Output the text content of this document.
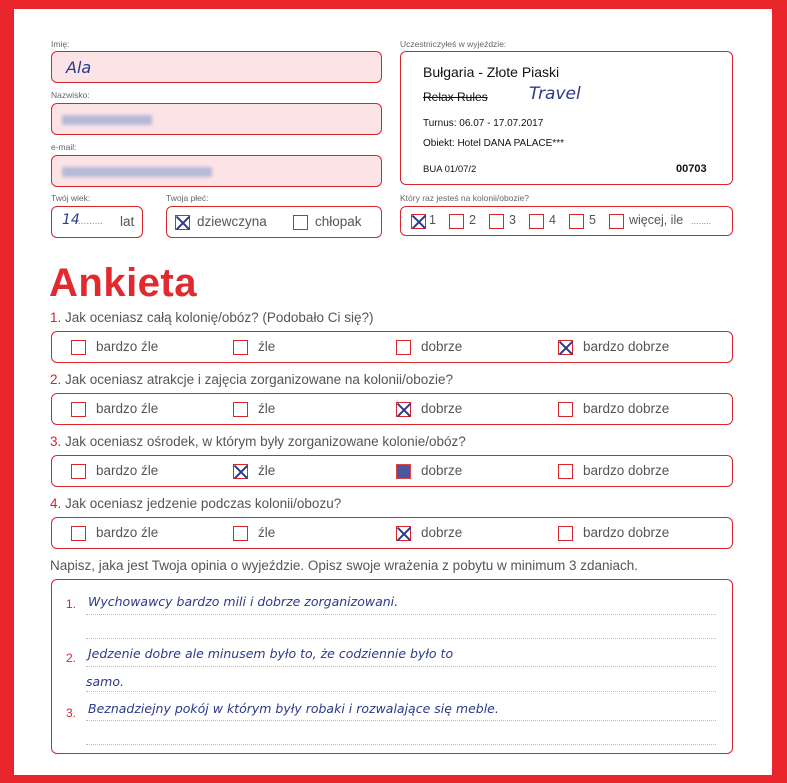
Imię:
Ala
Nazwisko:
e-mail:
Twój wiek:
14
......... lat
Twoja płeć:
dziewczyna	chłopak
Uczestniczyłeś w wyjeździe:
Bułgaria - Złote Piaski
Relax Rules Travel
Turnus: 06.07 - 17.07.2017
Obiekt: Hotel DANA PALACE***
BUA 01/07/2	00703
Który raz jesteś na kolonii/obozie?
1	2	3	4	5	więcej, ile ........
Ankieta
1. Jak oceniasz całą kolonię/obóz? (Podobało Ci się?)
bardzo źle	źle	dobrze	bardzo dobrze
2. Jak oceniasz atrakcje i zajęcia zorganizowane na kolonii/obozie?
bardzo źle	źle	dobrze	bardzo dobrze
3. Jak oceniasz ośrodek, w którym były zorganizowane kolonie/obóz?
bardzo źle	źle	dobrze	bardzo dobrze
4. Jak oceniasz jedzenie podczas kolonii/obozu?
bardzo źle	źle	dobrze	bardzo dobrze
Napisz, jaka jest Twoja opinia o wyjeździe. Opisz swoje wrażenia z pobytu w minimum 3 zdaniach.
1. Wychowawcy bardzo mili i dobrze zorganizowani.
2. Jedzenie dobre ale minusem było to, że codziennie było to
samo.
3. Beznadziejny pokój w którym były robaki i rozwalające się meble.
